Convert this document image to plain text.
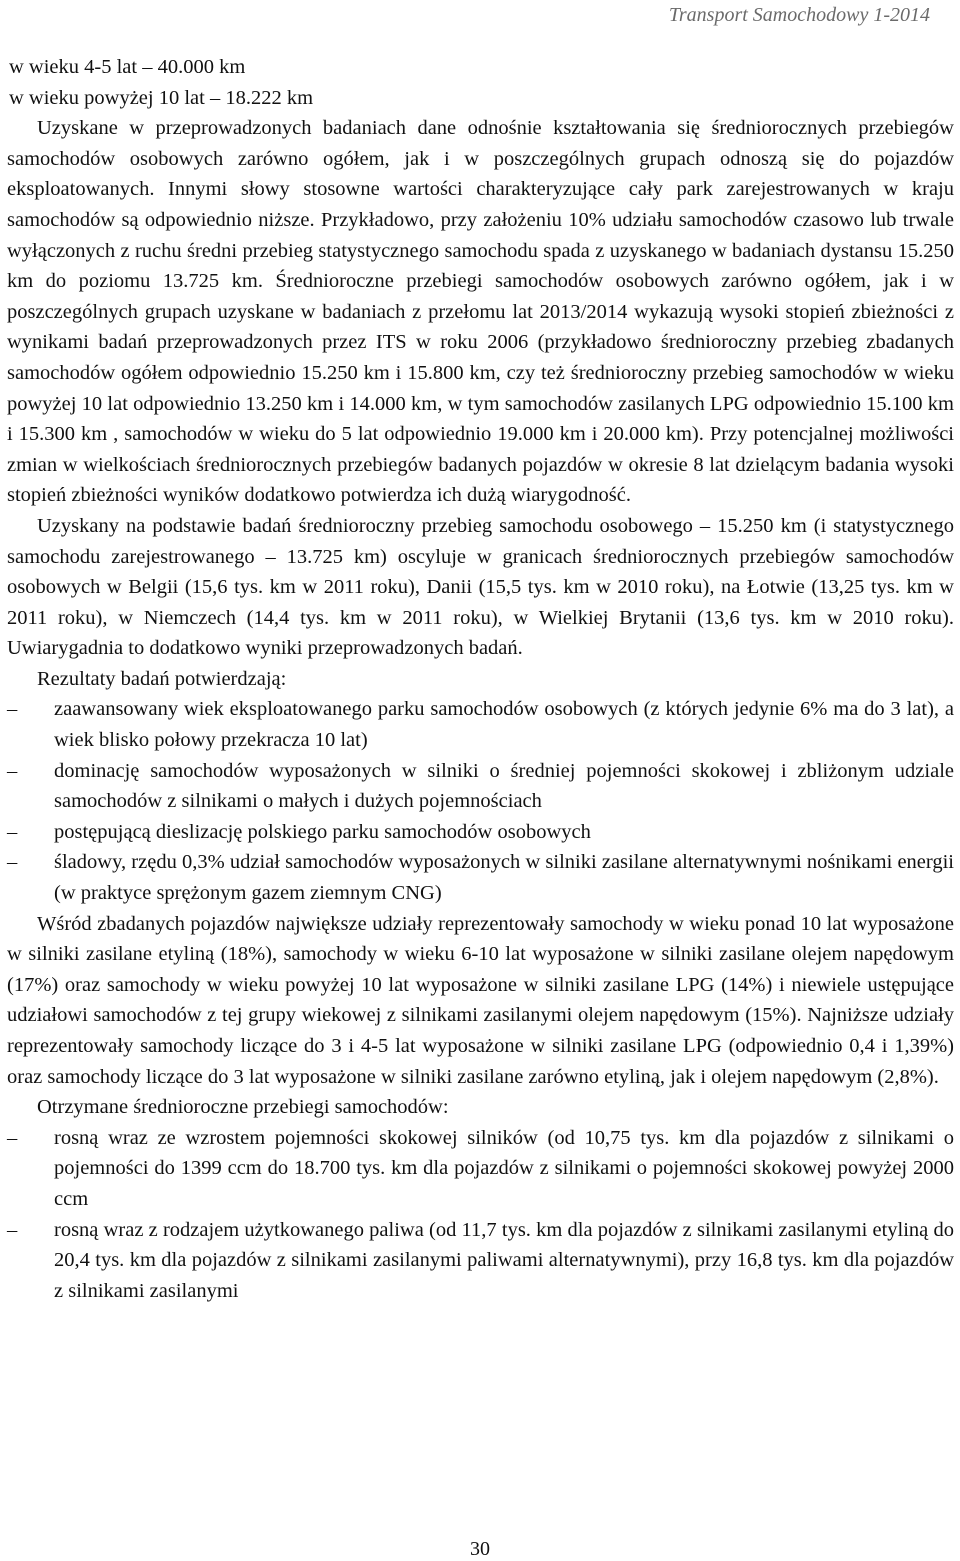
Transport Samochodowy 1-2014

w wieku 4-5 lat – 40.000 km

w wieku powyżej 10 lat – 18.222 km

Uzyskane w przeprowadzonych badaniach dane odnośnie kształtowania się średniorocznych przebiegów samochodów osobowych zarówno ogółem, jak i w poszczególnych grupach odnoszą się do pojazdów eksploatowanych. Innymi słowy stosowne wartości charakteryzujące cały park zarejestrowanych w kraju samochodów są odpowiednio niższe. Przykładowo, przy założeniu 10% udziału samochodów czasowo lub trwale wyłączonych z ruchu średni przebieg statystycznego samochodu spada z uzyskanego w badaniach dystansu 15.250 km do poziomu 13.725 km. Średnioroczne przebiegi samochodów osobowych zarówno ogółem, jak i w poszczególnych grupach uzyskane w badaniach z przełomu lat 2013/2014 wykazują wysoki stopień zbieżności z wynikami badań przeprowadzonych przez ITS w roku 2006 (przykładowo średnioroczny przebieg zbadanych samochodów ogółem odpowiednio 15.250 km i 15.800 km, czy też średnioroczny przebieg samochodów w wieku powyżej 10 lat odpowiednio 13.250 km i 14.000 km, w tym samochodów zasilanych LPG odpowiednio 15.100 km i 15.300 km , samochodów w wieku do 5 lat odpowiednio 19.000 km i 20.000 km). Przy potencjalnej możliwości zmian w wielkościach średniorocznych przebiegów badanych pojazdów w okresie 8 lat dzielącym badania wysoki stopień zbieżności wyników dodatkowo potwierdza ich dużą wiarygodność.

Uzyskany na podstawie badań średnioroczny przebieg samochodu osobowego – 15.250 km (i statystycznego samochodu zarejestrowanego – 13.725 km) oscyluje w granicach średniorocznych przebiegów samochodów osobowych w Belgii (15,6 tys. km w 2011 roku), Danii (15,5 tys. km w 2010 roku), na Łotwie (13,25 tys. km w 2011 roku), w Niemczech (14,4 tys. km w 2011 roku), w Wielkiej Brytanii (13,6 tys. km w 2010 roku). Uwiarygadnia to dodatkowo wyniki przeprowadzonych badań.

Rezultaty badań potwierdzają:

–	zaawansowany wiek eksploatowanego parku samochodów osobowych (z których jedynie 6% ma do 3 lat), a wiek blisko połowy przekracza 10 lat)
–	dominację samochodów wyposażonych w silniki o średniej pojemności skokowej i zbliżonym udziale samochodów z silnikami o małych i dużych pojemnościach
–	postępującą dieslizację polskiego parku samochodów osobowych
–	śladowy, rzędu 0,3% udział samochodów wyposażonych w silniki zasilane alternatywnymi nośnikami energii (w praktyce sprężonym gazem ziemnym CNG)

Wśród zbadanych pojazdów największe udziały reprezentowały samochody w wieku ponad 10 lat wyposażone w silniki zasilane etyliną (18%), samochody w wieku 6-10 lat wyposażone w silniki zasilane olejem napędowym (17%) oraz samochody w wieku powyżej 10 lat wyposażone w silniki zasilane LPG (14%) i niewiele ustępujące udziałowi samochodów z tej grupy wiekowej z silnikami zasilanymi olejem napędowym (15%). Najniższe udziały reprezentowały samochody liczące do 3 i 4-5 lat wyposażone w silniki zasilane LPG (odpowiednio 0,4 i 1,39%) oraz samochody liczące do 3 lat wyposażone w silniki zasilane zarówno etyliną, jak i olejem napędowym (2,8%).

Otrzymane średnioroczne przebiegi samochodów:

–	rosną wraz ze wzrostem pojemności skokowej silników (od 10,75 tys. km dla pojazdów z silnikami o pojemności do 1399 ccm do 18.700 tys. km dla pojazdów z silnikami o pojemności skokowej powyżej 2000 ccm
–	rosną wraz z rodzajem użytkowanego paliwa (od 11,7 tys. km dla pojazdów z silnikami zasilanymi etyliną do 20,4 tys. km dla pojazdów z silnikami zasilanymi paliwami alternatywnymi), przy 16,8 tys. km dla pojazdów z silnikami zasilanymi
30
